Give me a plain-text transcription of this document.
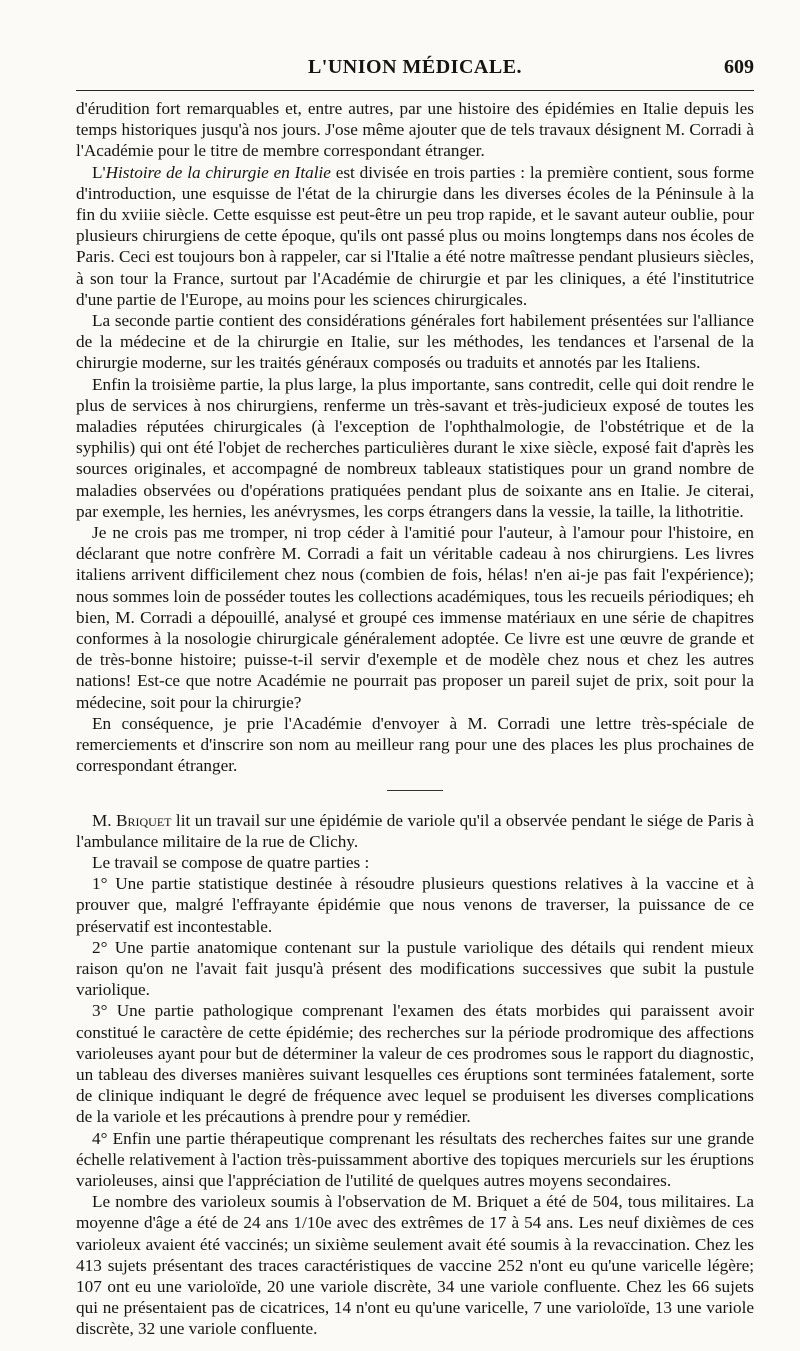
L'UNION MÉDICALE.	609

d'érudition fort remarquables et, entre autres, par une histoire des épidémies en Italie depuis les temps historiques jusqu'à nos jours. J'ose même ajouter que de tels travaux désignent M. Corradi à l'Académie pour le titre de membre correspondant étranger.

L'Histoire de la chirurgie en Italie est divisée en trois parties : la première contient, sous forme d'introduction, une esquisse de l'état de la chirurgie dans les diverses écoles de la Péninsule à la fin du xviiie siècle. Cette esquisse est peut-être un peu trop rapide, et le savant auteur oublie, pour plusieurs chirurgiens de cette époque, qu'ils ont passé plus ou moins longtemps dans nos écoles de Paris. Ceci est toujours bon à rappeler, car si l'Italie a été notre maîtresse pendant plusieurs siècles, à son tour la France, surtout par l'Académie de chirurgie et par les cliniques, a été l'institutrice d'une partie de l'Europe, au moins pour les sciences chirurgicales.

La seconde partie contient des considérations générales fort habilement présentées sur l'alliance de la médecine et de la chirurgie en Italie, sur les méthodes, les tendances et l'arsenal de la chirurgie moderne, sur les traités généraux composés ou traduits et annotés par les Italiens.

Enfin la troisième partie, la plus large, la plus importante, sans contredit, celle qui doit rendre le plus de services à nos chirurgiens, renferme un très-savant et très-judicieux exposé de toutes les maladies réputées chirurgicales (à l'exception de l'ophthalmologie, de l'obstétrique et de la syphilis) qui ont été l'objet de recherches particulières durant le xixe siècle, exposé fait d'après les sources originales, et accompagné de nombreux tableaux statistiques pour un grand nombre de maladies observées ou d'opérations pratiquées pendant plus de soixante ans en Italie. Je citerai, par exemple, les hernies, les anévrysmes, les corps étrangers dans la vessie, la taille, la lithotritie.

Je ne crois pas me tromper, ni trop céder à l'amitié pour l'auteur, à l'amour pour l'histoire, en déclarant que notre confrère M. Corradi a fait un véritable cadeau à nos chirurgiens. Les livres italiens arrivent difficilement chez nous (combien de fois, hélas! n'en ai-je pas fait l'expérience); nous sommes loin de posséder toutes les collections académiques, tous les recueils périodiques; eh bien, M. Corradi a dépouillé, analysé et groupé ces immense matériaux en une série de chapitres conformes à la nosologie chirurgicale généralement adoptée. Ce livre est une œuvre de grande et de très-bonne histoire; puisse-t-il servir d'exemple et de modèle chez nous et chez les autres nations! Est-ce que notre Académie ne pourrait pas proposer un pareil sujet de prix, soit pour la médecine, soit pour la chirurgie?

En conséquence, je prie l'Académie d'envoyer à M. Corradi une lettre très-spéciale de remerciements et d'inscrire son nom au meilleur rang pour une des places les plus prochaines de correspondant étranger.

M. Briquet lit un travail sur une épidémie de variole qu'il a observée pendant le siége de Paris à l'ambulance militaire de la rue de Clichy.

Le travail se compose de quatre parties :

1° Une partie statistique destinée à résoudre plusieurs questions relatives à la vaccine et à prouver que, malgré l'effrayante épidémie que nous venons de traverser, la puissance de ce préservatif est incontestable.

2° Une partie anatomique contenant sur la pustule variolique des détails qui rendent mieux raison qu'on ne l'avait fait jusqu'à présent des modifications successives que subit la pustule variolique.

3° Une partie pathologique comprenant l'examen des états morbides qui paraissent avoir constitué le caractère de cette épidémie; des recherches sur la période prodromique des affections varioleuses ayant pour but de déterminer la valeur de ces prodromes sous le rapport du diagnostic, un tableau des diverses manières suivant lesquelles ces éruptions sont terminées fatalement, sorte de clinique indiquant le degré de fréquence avec lequel se produisent les diverses complications de la variole et les précautions à prendre pour y remédier.

4° Enfin une partie thérapeutique comprenant les résultats des recherches faites sur une grande échelle relativement à l'action très-puissamment abortive des topiques mercuriels sur les éruptions varioleuses, ainsi que l'appréciation de l'utilité de quelques autres moyens secondaires.

Le nombre des varioleux soumis à l'observation de M. Briquet a été de 504, tous militaires. La moyenne d'âge a été de 24 ans 1/10e avec des extrêmes de 17 à 54 ans. Les neuf dixièmes de ces varioleux avaient été vaccinés; un sixième seulement avait été soumis à la revaccination. Chez les 413 sujets présentant des traces caractéristiques de vaccine 252 n'ont eu qu'une varicelle légère; 107 ont eu une varioloïde, 20 une variole discrète, 34 une variole confluente. Chez les 66 sujets qui ne présentaient pas de cicatrices, 14 n'ont eu qu'une varicelle, 7 une varioloïde, 13 une variole discrète, 32 une variole confluente.
